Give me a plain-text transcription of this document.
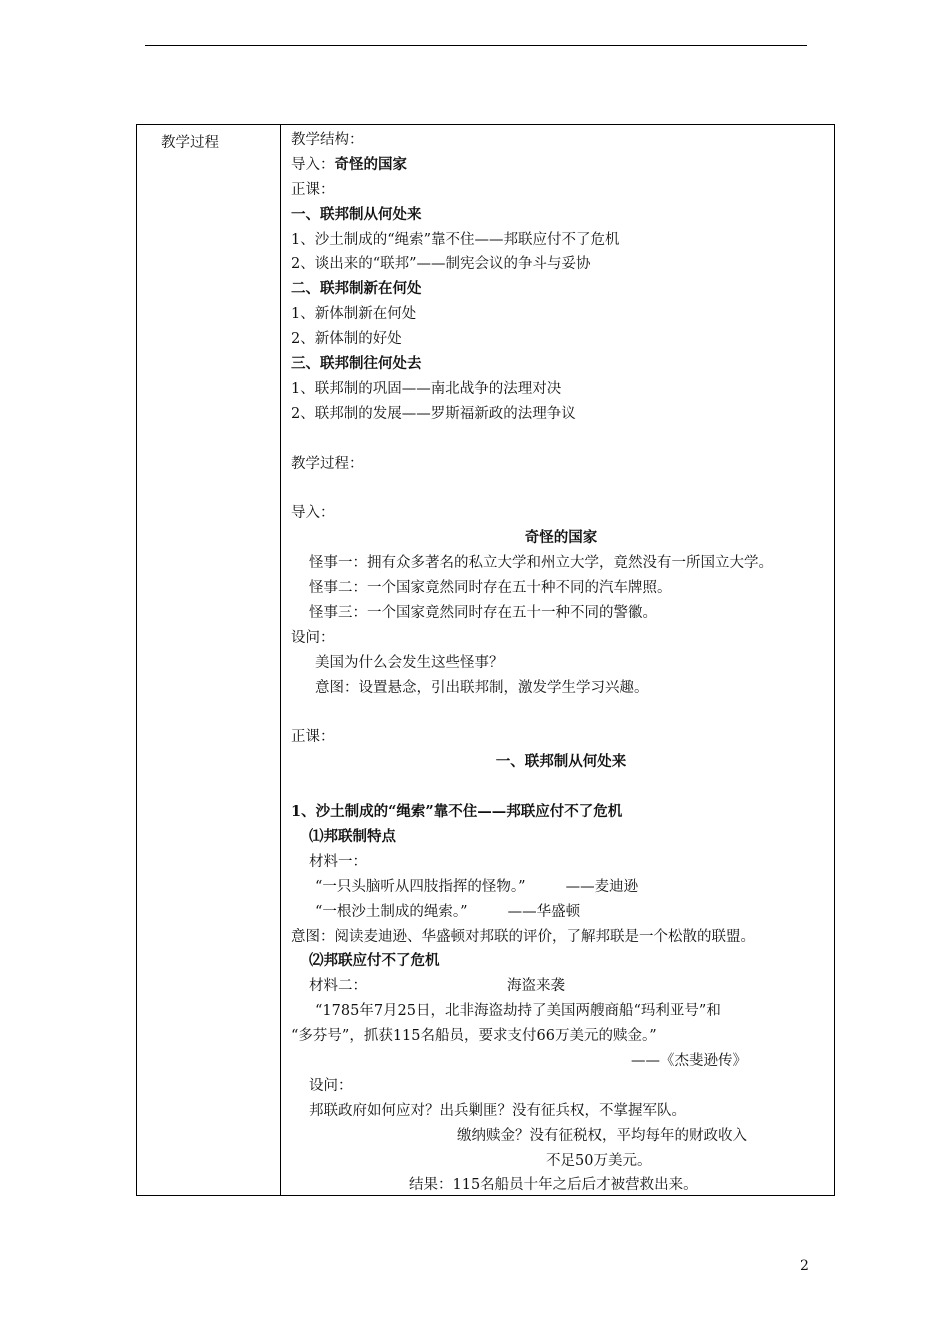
教学过程	教学结构：
导入：奇怪的国家
正课：
一、联邦制从何处来
1、沙土制成的“绳索”靠不住——邦联应付不了危机
2、谈出来的“联邦”——制宪会议的争斗与妥协
二、联邦制新在何处
1、新体制新在何处
2、新体制的好处
三、联邦制往何处去
1、联邦制的巩固——南北战争的法理对决
2、联邦制的发展——罗斯福新政的法理争议
教学过程：
导入：
奇怪的国家
怪事一：拥有众多著名的私立大学和州立大学，竟然没有一所国立大学。
怪事二：一个国家竟然同时存在五十种不同的汽车牌照。
怪事三：一个国家竟然同时存在五十一种不同的警徽。
设问：
美国为什么会发生这些怪事？
意图：设置悬念，引出联邦制，激发学生学习兴趣。
正课：
一、联邦制从何处来
1、沙土制成的“绳索”靠不住——邦联应付不了危机
⑴邦联制特点
材料一：
“一只头脑听从四肢指挥的怪物。”	——麦迪逊
“一根沙土制成的绳索。”	——华盛顿
意图：阅读麦迪逊、华盛顿对邦联的评价，了解邦联是一个松散的联盟。
⑵邦联应付不了危机
材料二：	海盗来袭
“1785年7月25日，北非海盗劫持了美国两艘商船“玛利亚号”和
“多芬号”，抓获115名船员，要求支付66万美元的赎金。”
——《杰斐逊传》
设问：
邦联政府如何应对？出兵剿匪？没有征兵权，不掌握军队。
缴纳赎金？没有征税权，平均每年的财政收入
不足50万美元。
结果：115名船员十年之后后才被营救出来。
2
